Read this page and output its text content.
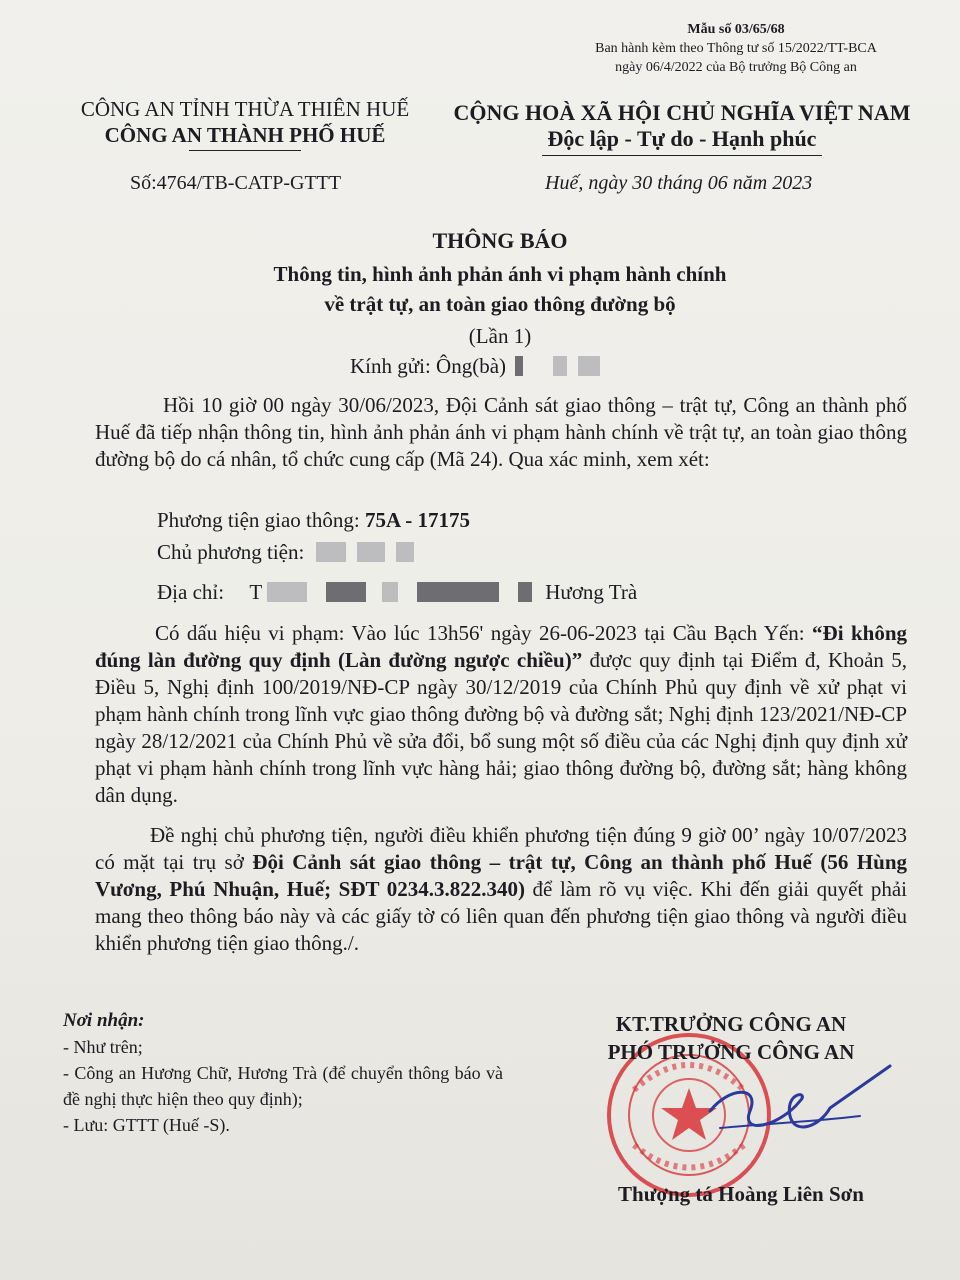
Mẫu số 03/65/68
Ban hành kèm theo Thông tư số 15/2022/TT-BCA
ngày 06/4/2022 của Bộ trưởng Bộ Công an
CÔNG AN TỈNH THỪA THIÊN HUẾ
CÔNG AN THÀNH PHỐ HUẾ
CỘNG HOÀ XÃ HỘI CHỦ NGHĨA VIỆT NAM
Độc lập - Tự do - Hạnh phúc
Số:4764/TB-CATP-GTTT	Huế, ngày 30 tháng 06 năm 2023
THÔNG BÁO
Thông tin, hình ảnh phản ánh vi phạm hành chính
về trật tự, an toàn giao thông đường bộ
(Lần 1)
Kính gửi: Ông(bà)
Hồi 10 giờ 00 ngày 30/06/2023, Đội Cảnh sát giao thông – trật tự, Công an thành phố Huế đã tiếp nhận thông tin, hình ảnh phản ánh vi phạm hành chính về trật tự, an toàn giao thông đường bộ do cá nhân, tổ chức cung cấp (Mã 24). Qua xác minh, xem xét:
Phương tiện giao thông: 75A - 17175
Chủ phương tiện:
Địa chỉ: T	Hương Trà
Có dấu hiệu vi phạm: Vào lúc 13h56' ngày 26-06-2023 tại Cầu Bạch Yến: “Đi không đúng làn đường quy định (Làn đường ngược chiều)” được quy định tại Điểm đ, Khoản 5, Điều 5, Nghị định 100/2019/NĐ-CP ngày 30/12/2019 của Chính Phủ quy định về xử phạt vi phạm hành chính trong lĩnh vực giao thông đường bộ và đường sắt; Nghị định 123/2021/NĐ-CP ngày 28/12/2021 của Chính Phủ về sửa đổi, bổ sung một số điều của các Nghị định quy định xử phạt vi phạm hành chính trong lĩnh vực hàng hải; giao thông đường bộ, đường sắt; hàng không dân dụng.
Đề nghị chủ phương tiện, người điều khiển phương tiện đúng 9 giờ 00’ ngày 10/07/2023 có mặt tại trụ sở Đội Cảnh sát giao thông – trật tự, Công an thành phố Huế (56 Hùng Vương, Phú Nhuận, Huế; SĐT 0234.3.822.340) để làm rõ vụ việc. Khi đến giải quyết phải mang theo thông báo này và các giấy tờ có liên quan đến phương tiện giao thông và người điều khiển phương tiện giao thông./.
Nơi nhận:
- Như trên;
- Công an Hương Chữ, Hương Trà (để chuyển thông báo và đề nghị thực hiện theo quy định);
- Lưu: GTTT (Huế -S).
KT.TRƯỞNG CÔNG AN
PHÓ TRƯỞNG CÔNG AN
Thượng tá Hoàng Liên Sơn
